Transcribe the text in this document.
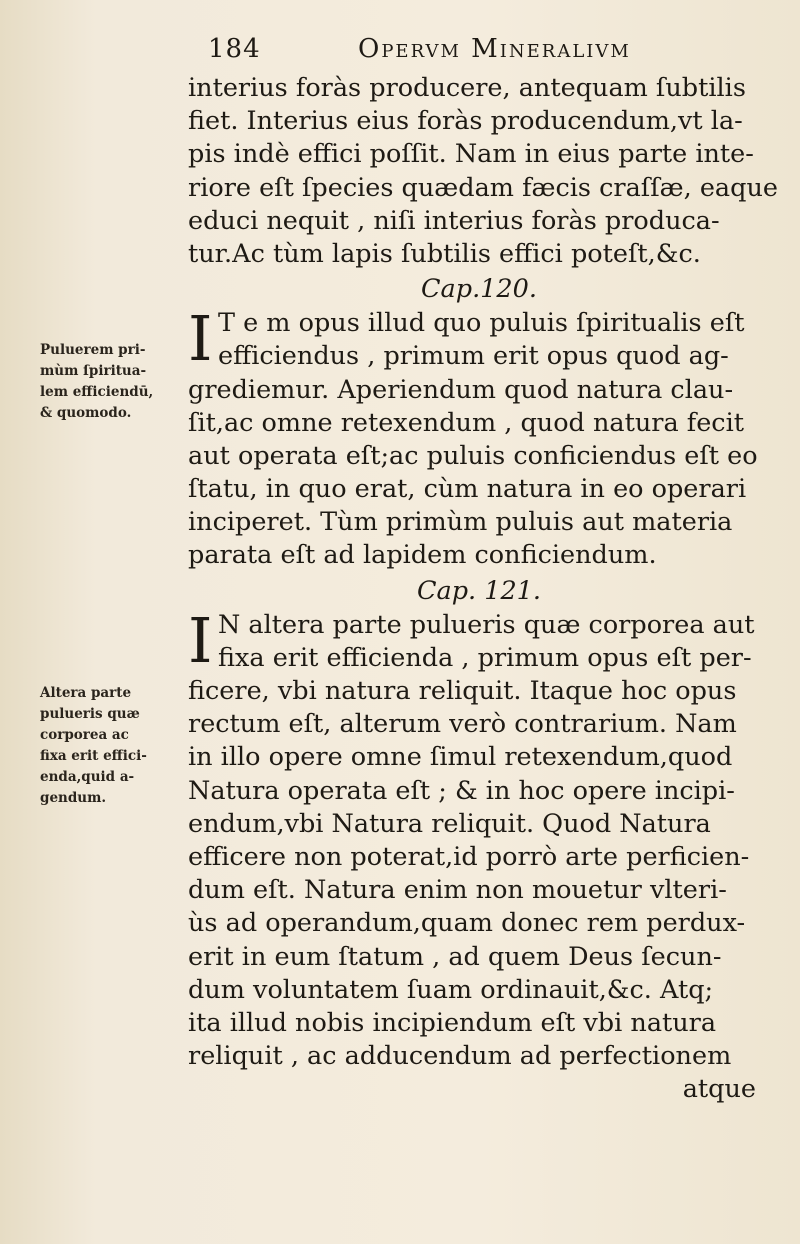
184	Opervm Mineralivm
interius foràs producere, antequam ſubtilis
fiet. Interius eius foràs producendum,vt la-
pis indè effici poſſit. Nam in eius parte inte-
riore eſt ſpecies quædam fæcis craſſæ, eaque
educi nequit , niſi interius foràs produca-
tur.Ac tùm lapis ſubtilis effici poteſt,&c.
Cap.120.
I T e m opus illud quo puluis ſpiritualis eſt
efficiendus , primum erit opus quod ag-
grediemur. Aperiendum quod natura clau-
ſit,ac omne retexendum , quod natura fecit
aut operata eſt;ac puluis conficiendus eſt eo
ſtatu, in quo erat, cùm natura in eo operari
inciperet. Tùm primùm puluis aut materia
parata eſt ad lapidem conficiendum.
Cap. 121.
I N altera parte pulueris quæ corporea aut
fixa erit efficienda , primum opus eſt per-
ficere, vbi natura reliquit. Itaque hoc opus
rectum eſt, alterum verò contrarium. Nam
in illo opere omne ſimul retexendum,quod
Natura operata eſt ; & in hoc opere incipi-
endum,vbi Natura reliquit. Quod Natura
efficere non poterat,id porrò arte perficien-
dum eſt. Natura enim non mouetur vlteri-
ùs ad operandum,quam donec rem perdux-
erit in eum ſtatum , ad quem Deus ſecun-
dum voluntatem ſuam ordinauit,&c. Atq;
ita illud nobis incipiendum eſt vbi natura
reliquit , ac adducendum ad perfectionem
atque
Puluerem pri-
mùm ſpiritua-
lem efficiendū,
& quomodo.
Altera parte
pulueris quæ
corporea ac
fixa erit effici-
enda,quid a-
gendum.
